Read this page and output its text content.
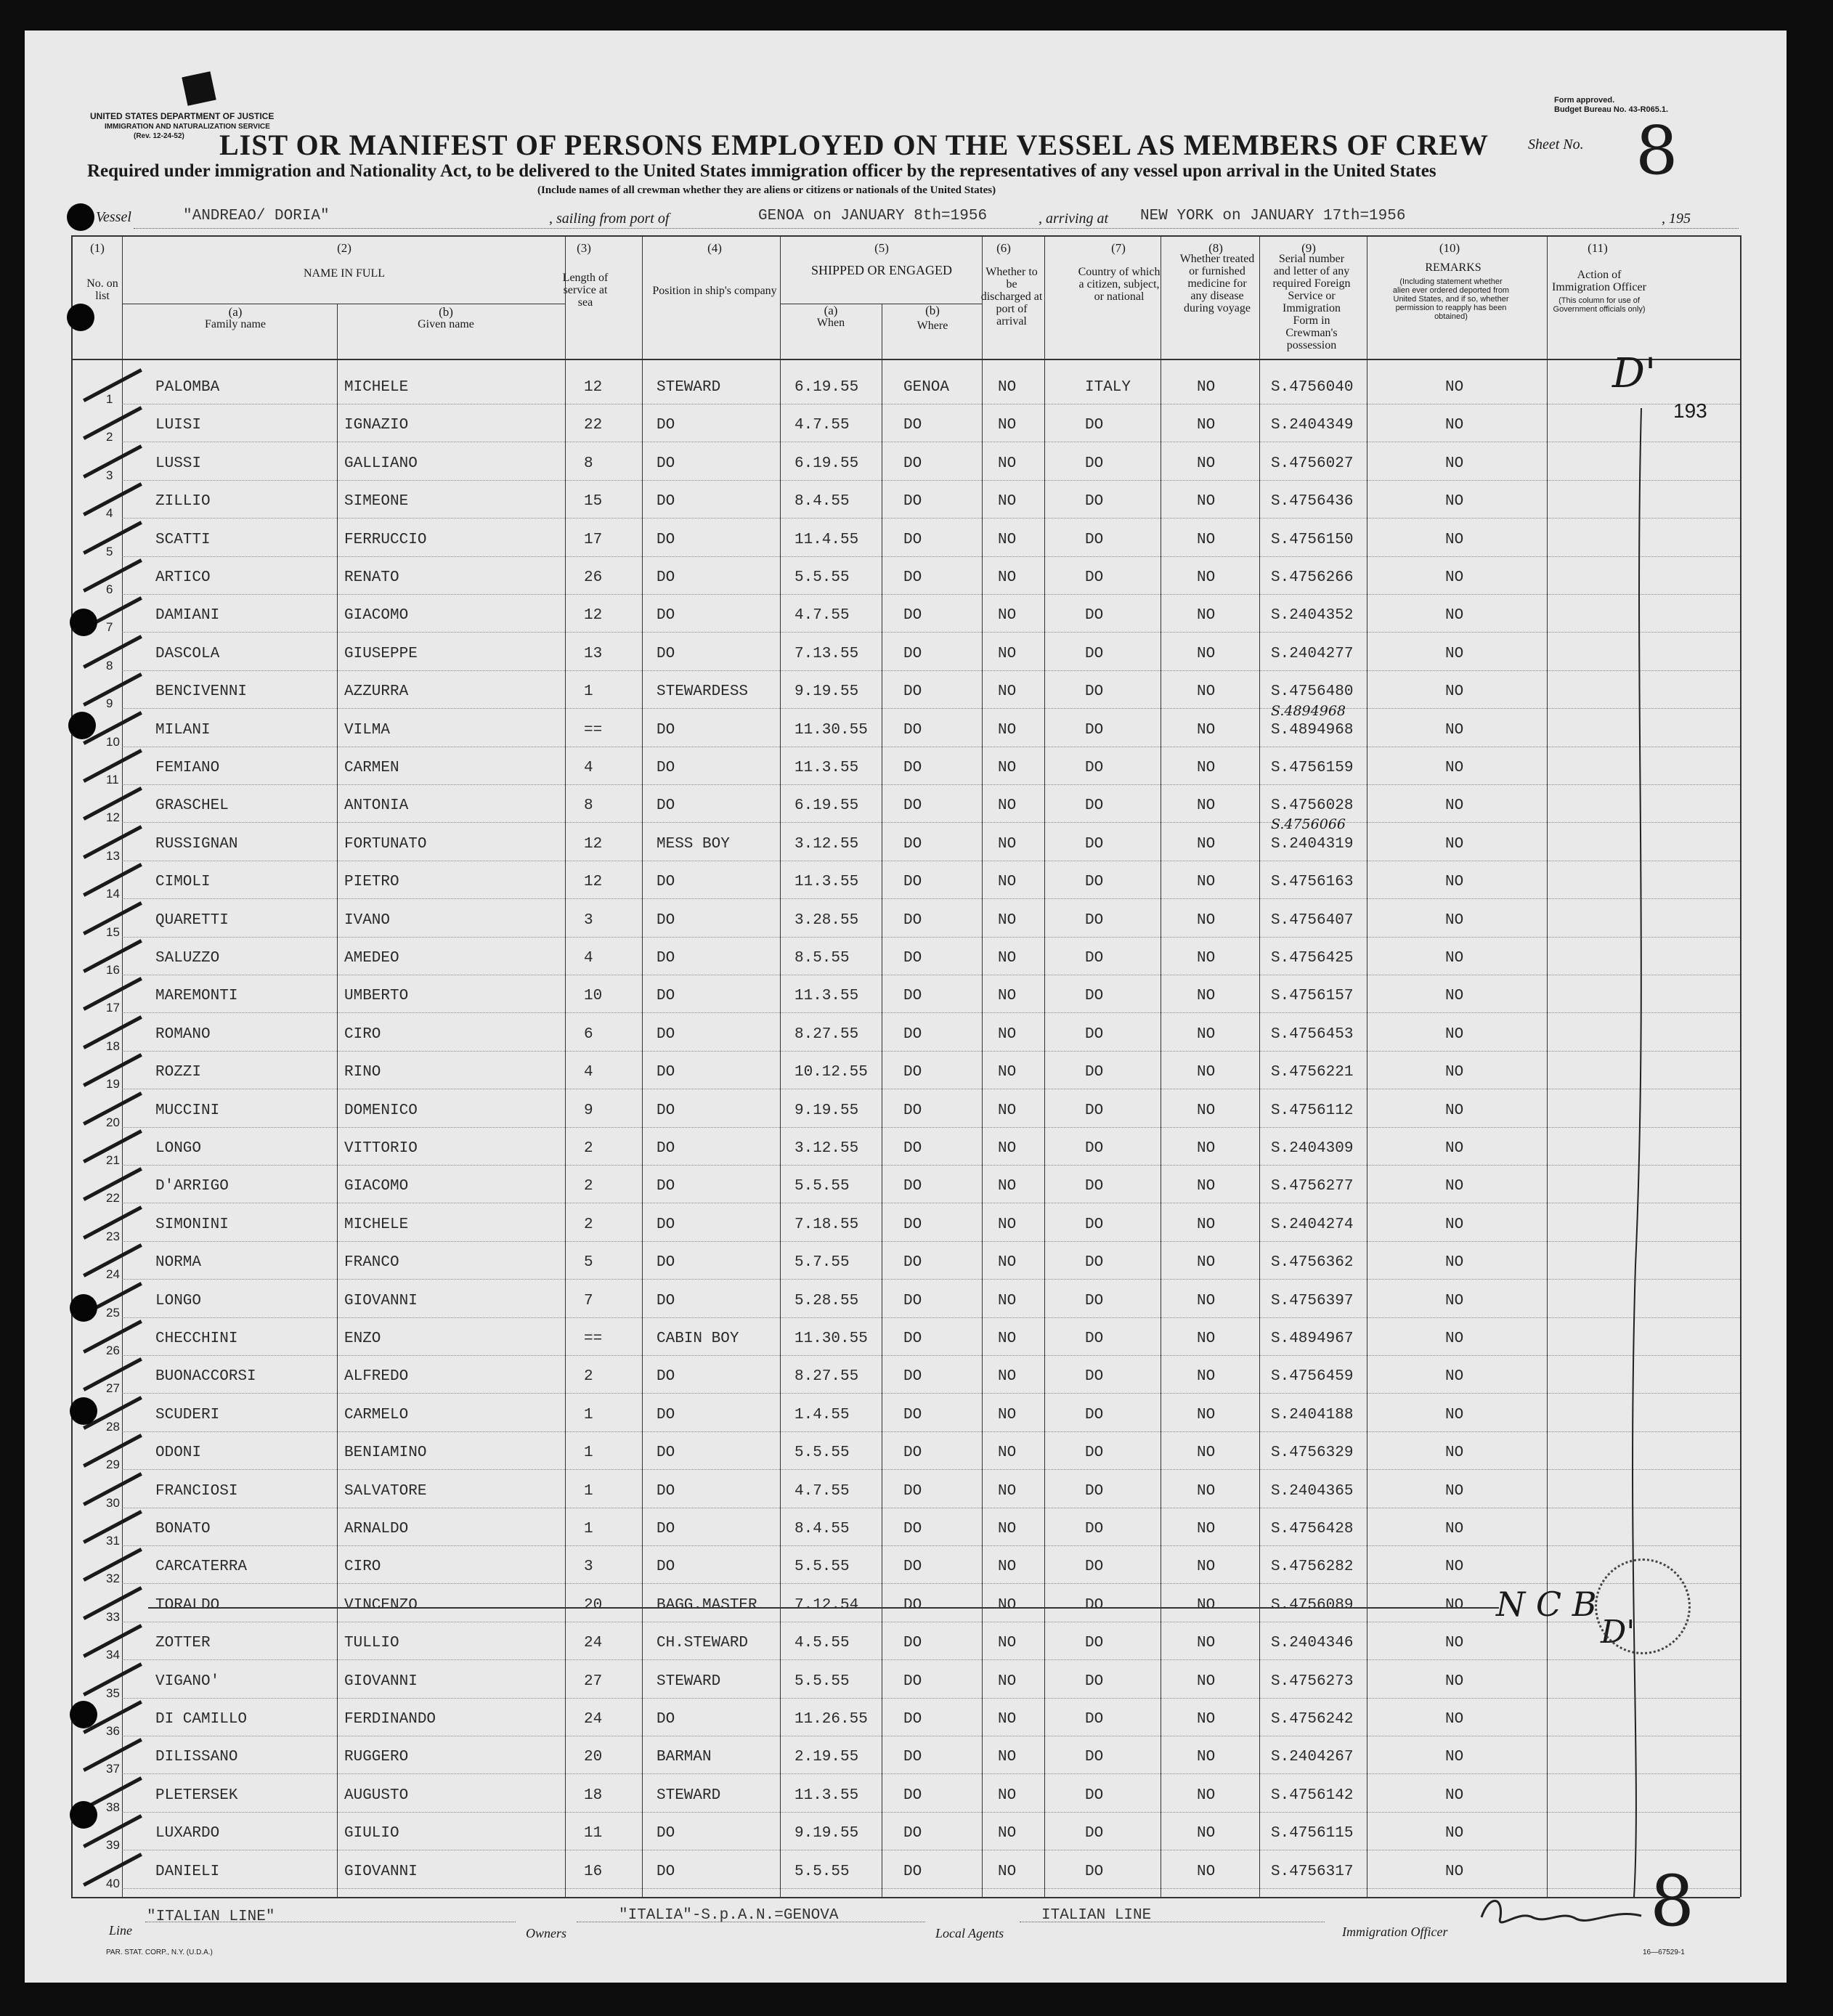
UNITED STATES DEPARTMENT OF JUSTICE
IMMIGRATION AND NATURALIZATION SERVICE
(Rev. 12-24-52)
Form approved.
Budget Bureau No. 43-R065.1.
LIST OR MANIFEST OF PERSONS EMPLOYED ON THE VESSEL AS MEMBERS OF CREW	Sheet No. 8
Required under immigration and Nationality Act, to be delivered to the United States immigration officer by the representatives of any vessel upon arrival in the United States
(Include names of all crewman whether they are aliens or citizens or nationals of the United States)
Vessel	"ANDREAO/ DORIA"	, sailing from port of	GENOA on JANUARY 8th=1956	, arriving at NEW YORK on JANUARY 17th=1956	, 195
(1)
No. on list
(2)
NAME IN FULL
(a)
Family name
(b)
Given name
(3)
Length of service at sea
(4)
Position in ship's company
(5)
SHIPPED OR ENGAGED
(a)
When
(b)
Where
(6)
Whether to be discharged at port of arrival
(7)
Country of which a citizen, subject, or national
(8)
Whether treated or furnished medicine for any disease during voyage
(9)
Serial number and letter of any required Foreign Service or Immigration Form in Crewman's possession
(10)
REMARKS
(Including statement whether alien ever ordered deported from United States, and if so, whether permission to reapply has been obtained)
(11)
Action of Immigration Officer
(This column for use of Government officials only)
1
PALOMBA	MICHELE	12	STEWARD	6.19.55	GENOA	NO	ITALY	NO	S.4756040	NO
2
LUISI	IGNAZIO	22	DO	4.7.55	DO	NO	DO	NO	S.2404349	NO
3
LUSSI	GALLIANO	8	DO	6.19.55	DO	NO	DO	NO	S.4756027	NO
4
ZILLIO	SIMEONE	15	DO	8.4.55	DO	NO	DO	NO	S.4756436	NO
5
SCATTI	FERRUCCIO	17	DO	11.4.55	DO	NO	DO	NO	S.4756150	NO
6
ARTICO	RENATO	26	DO	5.5.55	DO	NO	DO	NO	S.4756266	NO
7
DAMIANI	GIACOMO	12	DO	4.7.55	DO	NO	DO	NO	S.2404352	NO
8
DASCOLA	GIUSEPPE	13	DO	7.13.55	DO	NO	DO	NO	S.2404277	NO
9
BENCIVENNI	AZZURRA	1	STEWARDESS	9.19.55	DO	NO	DO	NO	S.4756480	NO
10
MILANI	VILMA	==	DO	11.30.55 DO	NO	DO	NO	S.4894968	NO
11
FEMIANO	CARMEN	4	DO	11.3.55	DO	NO	DO	NO	S.4756159	NO
12
GRASCHEL	ANTONIA	8	DO	6.19.55	DO	NO	DO	NO	S.4756028	NO
13
RUSSIGNAN	FORTUNATO	12	MESS BOY	3.12.55	DO	NO	DO	NO	S.2404319	NO
14
CIMOLI	PIETRO	12	DO	11.3.55	DO	NO	DO	NO	S.4756163	NO
15
QUARETTI	IVANO	3	DO	3.28.55	DO	NO	DO	NO	S.4756407	NO
16
SALUZZO	AMEDEO	4	DO	8.5.55	DO	NO	DO	NO	S.4756425	NO
17
MAREMONTI	UMBERTO	10	DO	11.3.55	DO	NO	DO	NO	S.4756157	NO
18
ROMANO	CIRO	6	DO	8.27.55	DO	NO	DO	NO	S.4756453	NO
19
ROZZI	RINO	4	DO	10.12.55 DO	NO	DO	NO	S.4756221	NO
20
MUCCINI	DOMENICO	9	DO	9.19.55	DO	NO	DO	NO	S.4756112	NO
21
LONGO	VITTORIO	2	DO	3.12.55	DO	NO	DO	NO	S.2404309	NO
22
D'ARRIGO	GIACOMO	2	DO	5.5.55	DO	NO	DO	NO	S.4756277	NO
23
SIMONINI	MICHELE	2	DO	7.18.55	DO	NO	DO	NO	S.2404274	NO
24
NORMA	FRANCO	5	DO	5.7.55	DO	NO	DO	NO	S.4756362	NO
25
LONGO	GIOVANNI	7	DO	5.28.55	DO	NO	DO	NO	S.4756397	NO
26
CHECCHINI	ENZO	==	CABIN BOY	11.30.55 DO	NO	DO	NO	S.4894967	NO
27
BUONACCORSI	ALFREDO	2	DO	8.27.55	DO	NO	DO	NO	S.4756459	NO
28
SCUDERI	CARMELO	1	DO	1.4.55	DO	NO	DO	NO	S.2404188	NO
29
ODONI	BENIAMINO	1	DO	5.5.55	DO	NO	DO	NO	S.4756329	NO
30
FRANCIOSI	SALVATORE	1	DO	4.7.55	DO	NO	DO	NO	S.2404365	NO
31
BONATO	ARNALDO	1	DO	8.4.55	DO	NO	DO	NO	S.4756428	NO
32
CARCATERRA	CIRO	3	DO	5.5.55	DO	NO	DO	NO	S.4756282	NO
33
TORALDO	VINCENZO	20	BAGG.MASTER 7.12.54	DO	NO	DO	NO	S.4756089	NO
34
ZOTTER	TULLIO	24	CH.STEWARD	4.5.55	DO	NO	DO	NO	S.2404346	NO
35
VIGANO'	GIOVANNI	27	STEWARD	5.5.55	DO	NO	DO	NO	S.4756273	NO
36
DI CAMILLO	FERDINANDO	24	DO	11.26.55 DO	NO	DO	NO	S.4756242	NO
37
DILISSANO	RUGGERO	20	BARMAN	2.19.55	DO	NO	DO	NO	S.2404267	NO
38
PLETERSEK	AUGUSTO	18	STEWARD	11.3.55	DO	NO	DO	NO	S.4756142	NO
39
LUXARDO	GIULIO	11	DO	9.19.55	DO	NO	DO	NO	S.4756115	NO
40
DANIELI	GIOVANNI	16	DO	5.5.55	DO	NO	DO	NO	S.4756317	NO
D'
193
S.4894968
S.4756066
N C B
D'
8
Line
"ITALIAN LINE"
Owners
"ITALIA"-S.p.A.N.=GENOVA
Local Agents
ITALIAN LINE
Immigration Officer
PAR. STAT. CORP., N.Y. (U.D.A.)	16—67529-1
